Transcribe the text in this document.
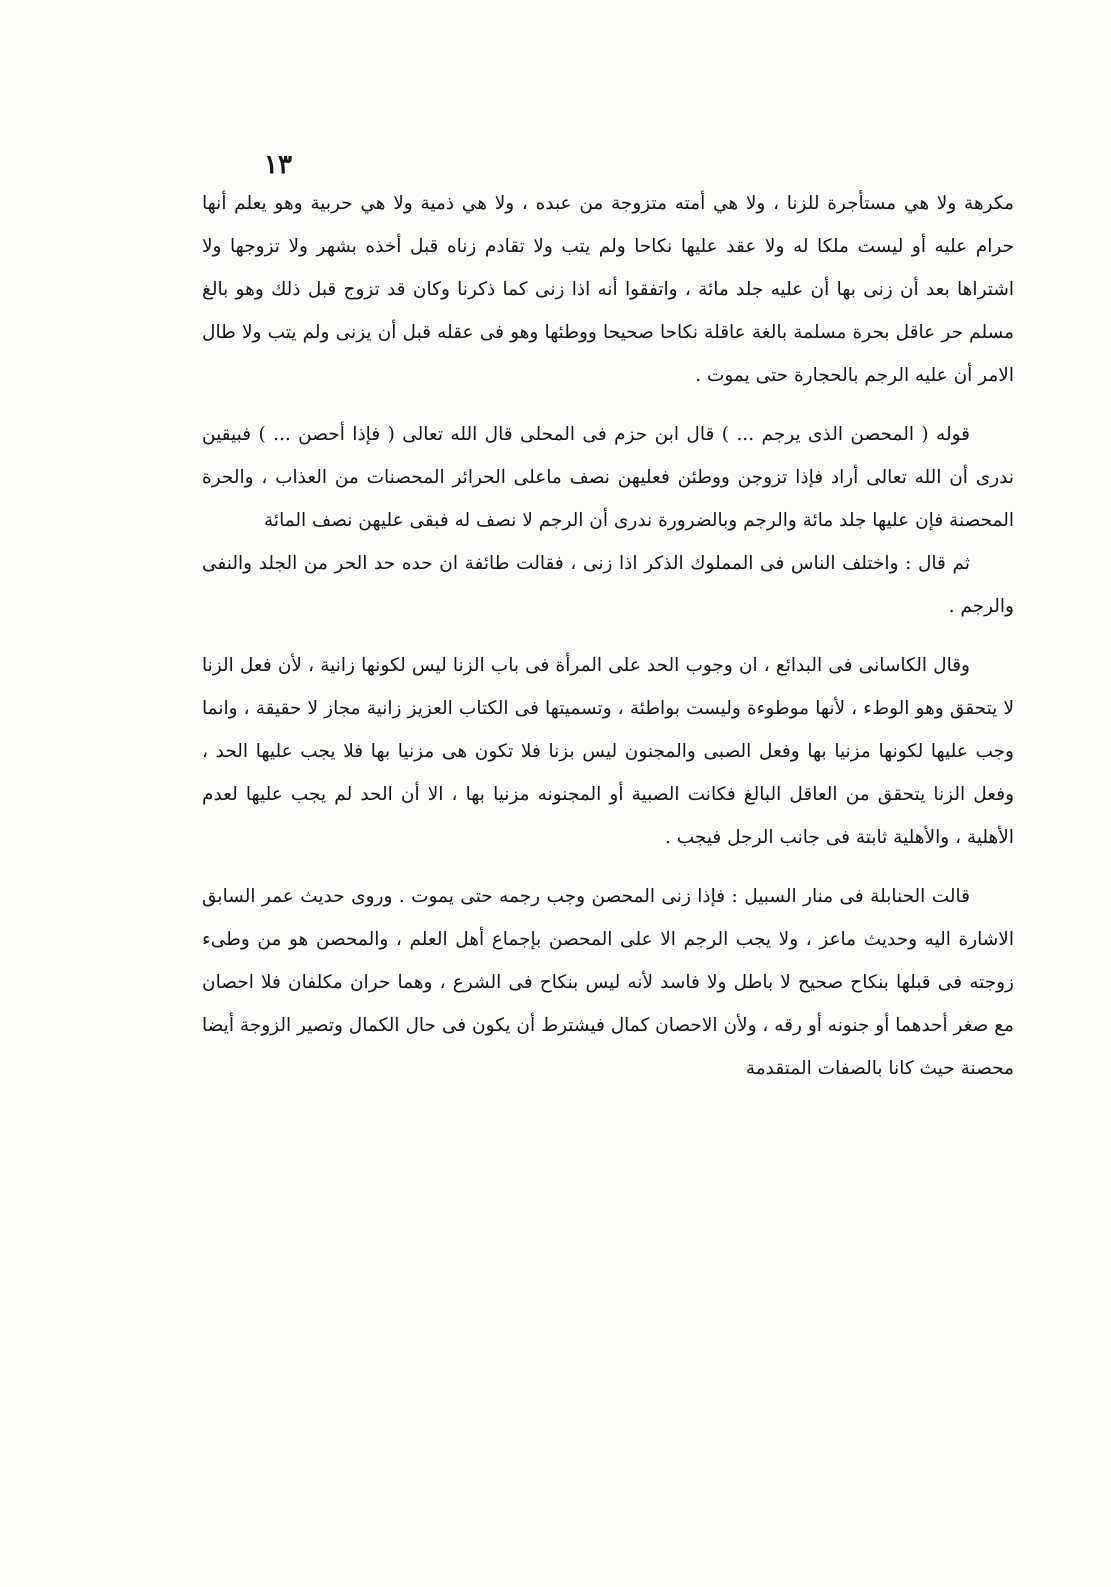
١٣

مكرهة ولا هي مستأجرة للزنا ، ولا هي أمته متزوجة من عبده ، ولا هي ذمية ولا هي حربية وهو يعلم أنها حرام عليه أو ليست ملكا له ولا عقد عليها نكاحا ولم يتب ولا تقادم زناه قبل أخذه بشهر ولا تزوجها ولا اشتراها بعد أن زنى بها أن عليه جلد مائة ، واتفقوا أنه اذا زنى كما ذكرنا وكان قد تزوج قبل ذلك وهو بالغ مسلم حر عاقل بحرة مسلمة بالغة عاقلة نكاحا صحيحا ووطئها وهو فى عقله قبل أن يزنى ولم يتب ولا طال الامر أن عليه الرجم بالحجارة حتى يموت .

قوله ( المحصن الذى يرجم ... ) قال ابن حزم فى المحلى قال الله تعالى ( فإذا أحصن ... ) فبيقين ندرى أن الله تعالى أراد فإذا تزوجن ووطئن فعليهن نصف ماعلى الحرائر المحصنات من العذاب ، والحرة المحصنة فإن عليها جلد مائة والرجم وبالضرورة ندرى أن الرجم لا نصف له فبقى عليهن نصف المائة

ثم قال : واختلف الناس فى المملوك الذكر اذا زنى ، فقالت طائفة ان حده حد الحر من الجلد والنفى والرجم .

وقال الكاسانى فى البدائع ، ان وجوب الحد على المرأة فى باب الزنا ليس لكونها زانية ، لأن فعل الزنا لا يتحقق وهو الوطء ، لأنها موطوءة وليست بواطئة ، وتسميتها فى الكتاب العزيز زانية مجاز لا حقيقة ، وانما وجب عليها لكونها مزنيا بها وفعل الصبى والمجنون ليس بزنا فلا تكون هى مزنيا بها فلا يجب عليها الحد ، وفعل الزنا يتحقق من العاقل البالغ فكانت الصبية أو المجنونه مزنيا بها ، الا أن الحد لم يجب عليها لعدم الأهلية ، والأهلية ثابتة فى جانب الرجل فيجب .

قالت الحنابلة فى منار السبيل : فإذا زنى المحصن وجب رجمه حتى يموت . وروى حديث عمر السابق الاشارة اليه وحديث ماعز ، ولا يجب الرجم الا على المحصن بإجماع أهل العلم ، والمحصن هو من وطىء زوجته فى قبلها بنكاح صحيح لا باطل ولا فاسد لأنه ليس بنكاح فى الشرع ، وهما حران مكلفان فلا احصان مع صغر أحدهما أو جنونه أو رقه ، ولأن الاحصان كمال فيشترط أن يكون فى حال الكمال وتصير الزوجة أيضا محصنة حيث كانا بالصفات المتقدمة
